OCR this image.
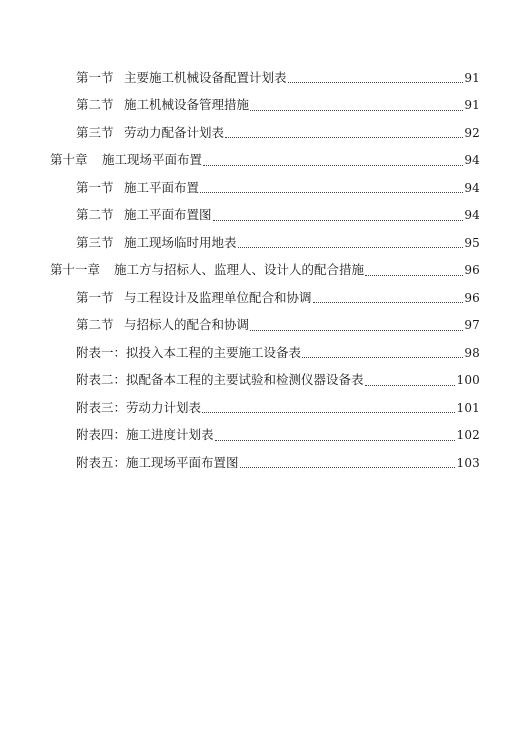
第一节 主要施工机械设备配置计划表	91
第二节 施工机械设备管理措施	91
第三节 劳动力配备计划表	92
第十章 施工现场平面布置	94
第一节 施工平面布置	94
第二节 施工平面布置图	94
第三节 施工现场临时用地表	95
第十一章 施工方与招标人、监理人、设计人的配合措施	96
第一节 与工程设计及监理单位配合和协调	96
第二节 与招标人的配合和协调	97
附表一：拟投入本工程的主要施工设备表	98
附表二：拟配备本工程的主要试验和检测仪器设备表	100
附表三：劳动力计划表	101
附表四：施工进度计划表	102
附表五：施工现场平面布置图	103
